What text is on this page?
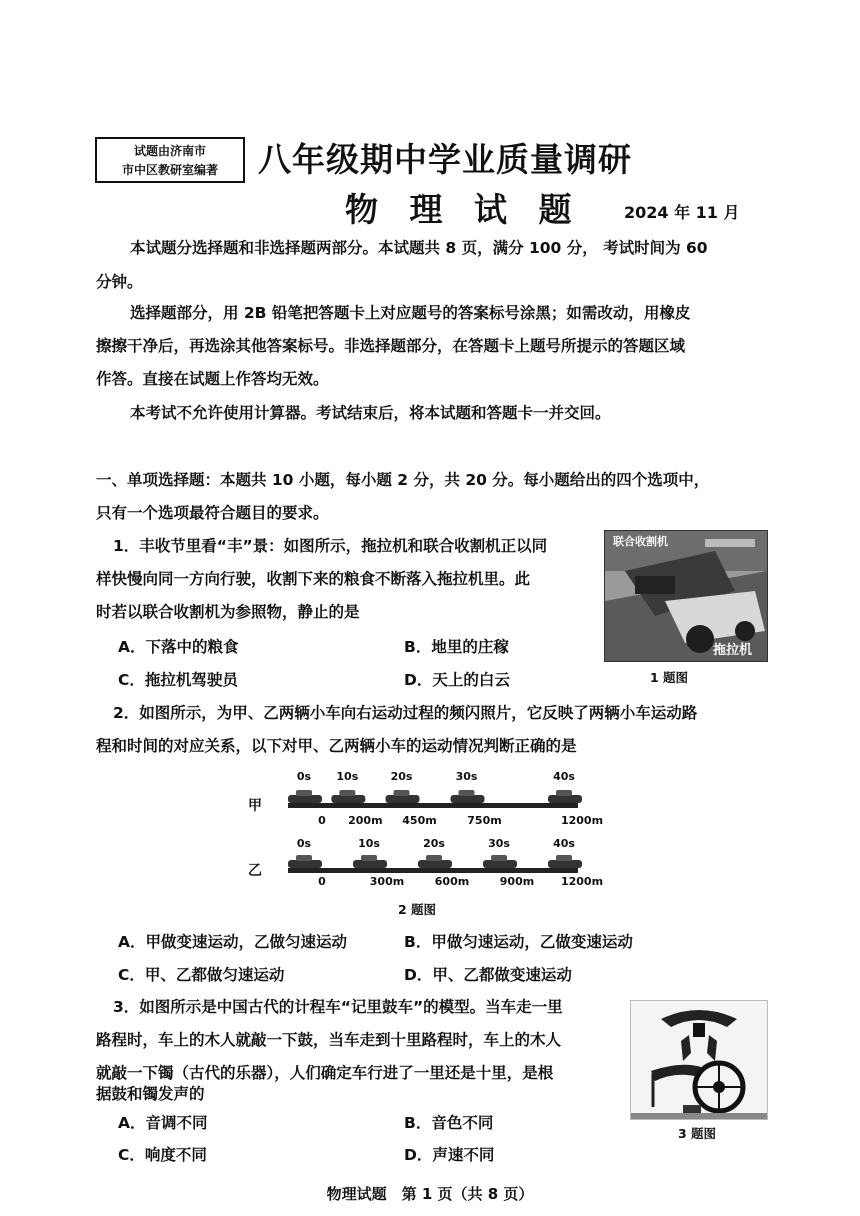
试题由济南市
市中区教研室编著	八年级期中学业质量调研
物 理 试 题	2024 年 11 月
本试题分选择题和非选择题两部分。本试题共 8 页，满分 100 分， 考试时间为 60
分钟。
选择题部分，用 2B 铅笔把答题卡上对应题号的答案标号涂黑；如需改动，用橡皮
擦擦干净后，再选涂其他答案标号。非选择题部分，在答题卡上题号所提示的答题区域
作答。直接在试题上作答均无效。
本考试不允许使用计算器。考试结束后，将本试题和答题卡一并交回。
一、单项选择题：本题共 10 小题，每小题 2 分，共 20 分。每小题给出的四个选项中，
只有一个选项最符合题目的要求。
1．丰收节里看“丰”景：如图所示，拖拉机和联合收割机正以同
样快慢向同一方向行驶，收割下来的粮食不断落入拖拉机里。此
时若以联合收割机为参照物，静止的是
A．下落中的粮食	B．地里的庄稼
C．拖拉机驾驶员	D．天上的白云
联合收割机
拖拉机
1 题图
2．如图所示，为甲、乙两辆小车向右运动过程的频闪照片，它反映了两辆小车运动路
程和时间的对应关系，以下对甲、乙两辆小车的运动情况判断正确的是
甲
乙
0s 10s	20s	30s	40s
0 200m 450m	750m	1200m
0s	10s	20s	30s	40s
0	300m	600m	900m 1200m
2 题图
A．甲做变速运动，乙做匀速运动	B．甲做匀速运动，乙做变速运动
C．甲、乙都做匀速运动	D．甲、乙都做变速运动
3．如图所示是中国古代的计程车“记里鼓车”的模型。当车走一里
路程时，车上的木人就敲一下鼓，当车走到十里路程时，车上的木人
就敲一下镯（古代的乐器），人们确定车行进了一里还是十里，是根
据鼓和镯发声的
A．音调不同	B．音色不同
C．响度不同	D．声速不同
3 题图
物理试题　第 1 页（共 8 页）
